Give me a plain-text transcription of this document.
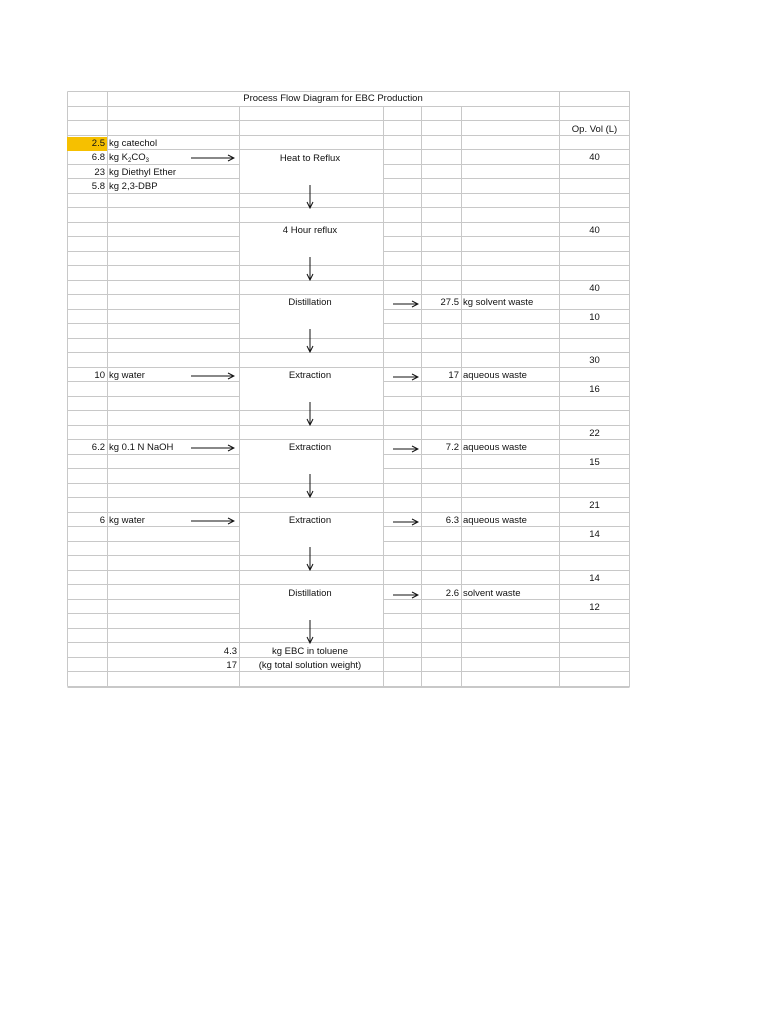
Process Flow Diagram for EBC Production
Op. Vol (L)
2.5 kg catechol
6.8 kg $K_2CO_3$
23 kg Diethyl Ether
5.8 kg 2,3-DBP
10 kg water
6.2 kg 0.1 N NaOH
6 kg water
Heat to Reflux
4 Hour reflux
Distillation
Extraction
Extraction
Extraction
Distillation
27.5 kg solvent waste
17 aqueous waste
7.2 aqueous waste
6.3 aqueous waste
2.6 solvent waste
40
40
40
10
30
16
22
15
21
14
14
12
4.3	kg EBC in toluene
17	(kg total solution weight)
